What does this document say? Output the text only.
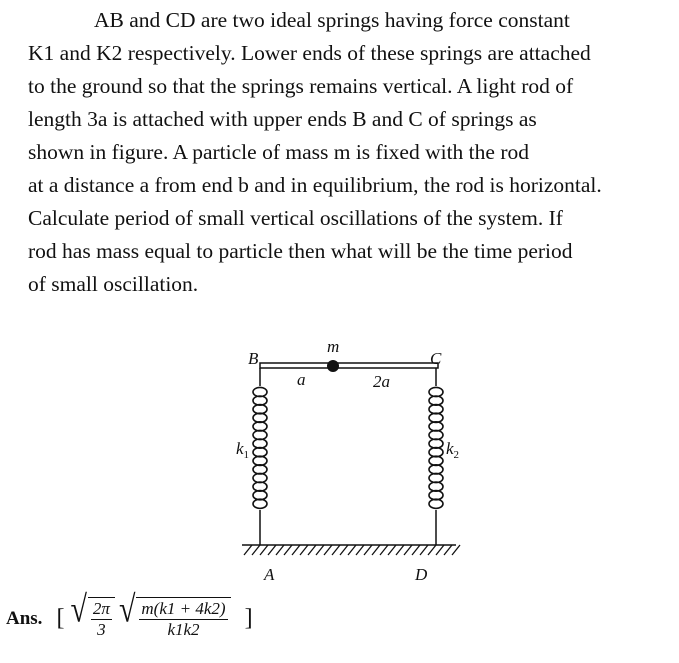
AB and CD are two ideal springs having force constant
K1 and K2 respectively. Lower ends of these springs are attached
to the ground so that the springs remains vertical. A light rod of
length 3a is attached with upper ends B and C of springs as
shown in figure. A particle of mass m is fixed with the rod
at a distance a from end b and in equilibrium, the rod is horizontal.
Calculate period of small vertical oscillations of the system. If
rod has mass equal to particle then what will be the time period
of small oscillation.
m
B	C
a	2a
$k_1$	$k_2$
A	D
Ans. [ √ $\frac{2\pi}{3}$ √ $\frac{m(k1 + 4k2)}{k1k2}$ ]
